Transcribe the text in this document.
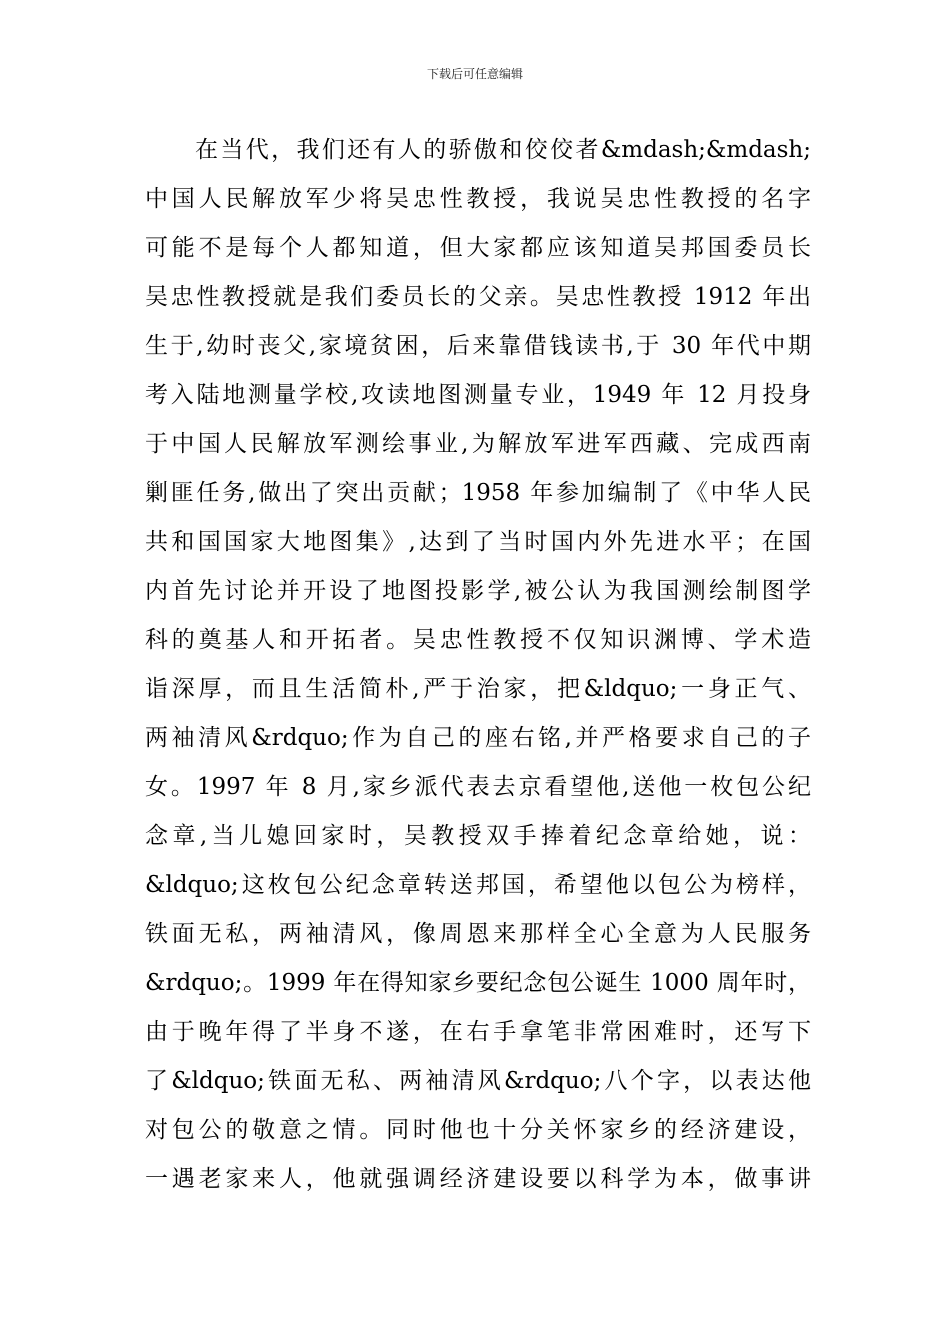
下载后可任意编辑
在当代，我们还有人的骄傲和佼佼者&mdash;&mdash;
中国人民解放军少将吴忠性教授，我说吴忠性教授的名字
可能不是每个人都知道，但大家都应该知道吴邦国委员长
吴忠性教授就是我们委员长的父亲。吴忠性教授 1912 年出
生于,幼时丧父,家境贫困，后来靠借钱读书,于 30 年代中期
考入陆地测量学校,攻读地图测量专业，1949 年 12 月投身
于中国人民解放军测绘事业,为解放军进军西藏、完成西南
剿匪任务,做出了突出贡献；1958 年参加编制了《中华人民
共和国国家大地图集》,达到了当时国内外先进水平；在国
内首先讨论并开设了地图投影学,被公认为我国测绘制图学
科的奠基人和开拓者。吴忠性教授不仅知识渊博、学术造
诣深厚，而且生活简朴,严于治家，把&ldquo;一身正气、
两袖清风&rdquo;作为自己的座右铭,并严格要求自己的子
女。1997 年 8 月,家乡派代表去京看望他,送他一枚包公纪
念章,当儿媳回家时，吴教授双手捧着纪念章给她，说：
&ldquo;这枚包公纪念章转送邦国，希望他以包公为榜样，
铁面无私，两袖清风，像周恩来那样全心全意为人民服务
&rdquo;。1999 年在得知家乡要纪念包公诞生 1000 周年时，
由于晚年得了半身不遂，在右手拿笔非常困难时，还写下
了&ldquo;铁面无私、两袖清风&rdquo;八个字，以表达他
对包公的敬意之情。同时他也十分关怀家乡的经济建设，
一遇老家来人，他就强调经济建设要以科学为本，做事讲
